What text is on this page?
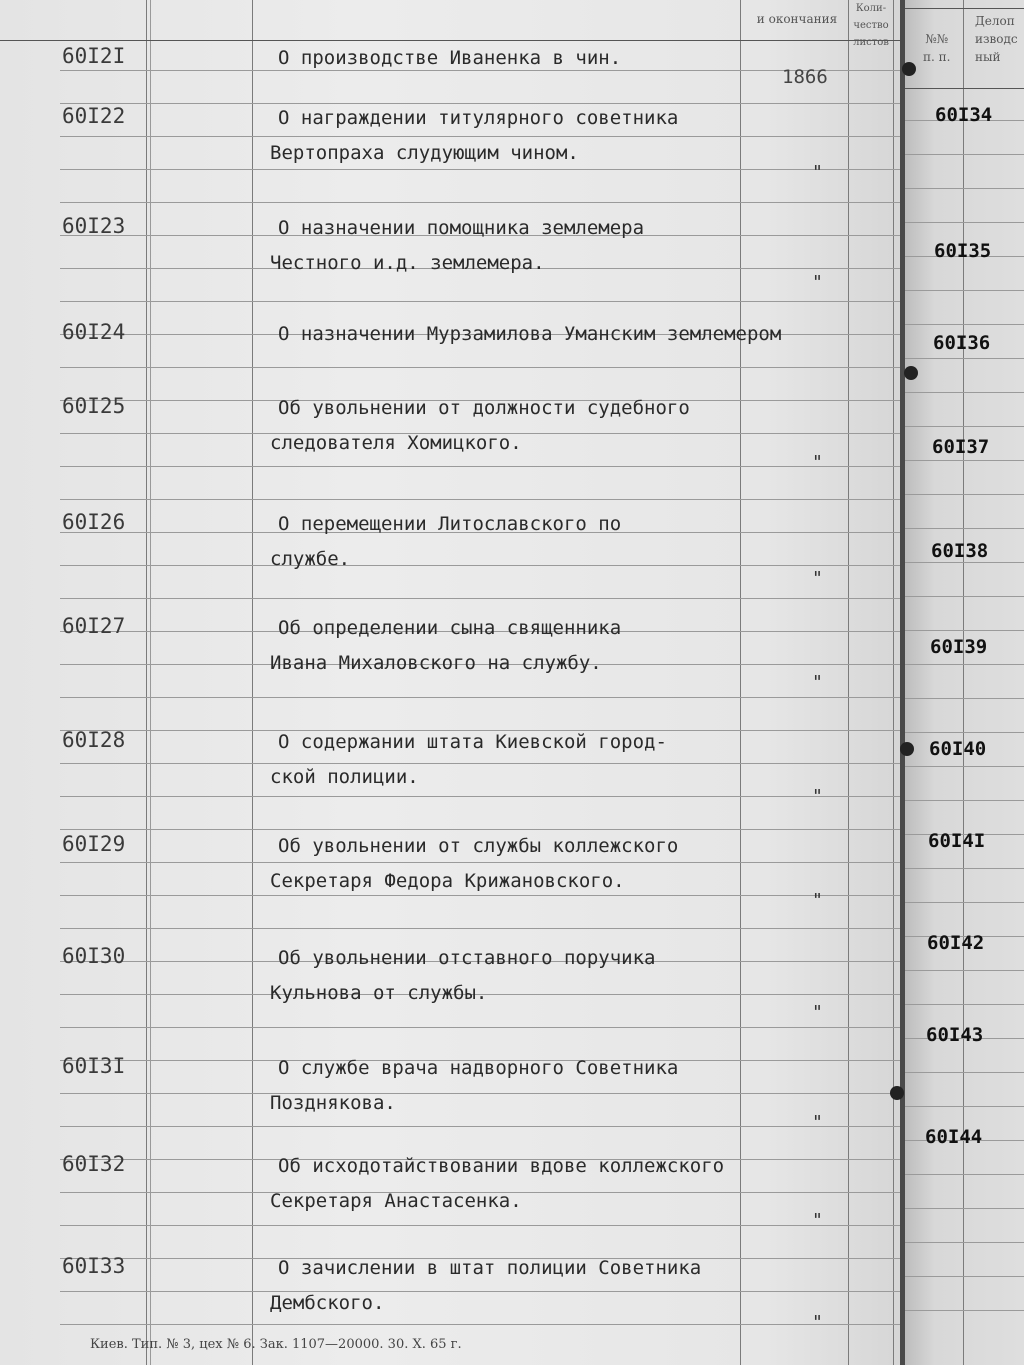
и окончания
Коли-
чество
листов
60I2I	О производстве Иваненка в чин.
1866
60I22	О награждении титулярного советника
Вертопраха слудующим чином.
"
60I23	О назначении помощника землемера
Честного и.д. землемера.
"
60I24	О назначении Мурзамилова Уманским землемером
60I25	Об увольнении от должности судебного
следователя Хомицкого.
"
60I26	О перемещении Литославского по
службе.
"
60I27	Об определении сына священника
Ивана Михаловского на службу.
"
60I28	О содержании штата Киевской город-
ской полиции.
"
60I29	Об увольнении от службы коллежского
Секретаря Федора Крижановского.
"
60I30	Об увольнении отставного поручика
Кульнова от службы.
"
60I3I	О службе врача надворного Советника
Позднякова.
"
60I32	Об исходотайствовании вдове коллежского
Секретаря Анастасенка.
"
60I33	О зачислении в штат полиции Советника
Дембского.
"
Киев. Тип. № 3, цех № 6. Зак. 1107—20000. 30. X. 65 г.
№№
п. п.
Делоп
изводс
ный
60I34
60I35
60I36
60I37
60I38
60I39
60I40
60I4I
60I42
60I43
60I44
